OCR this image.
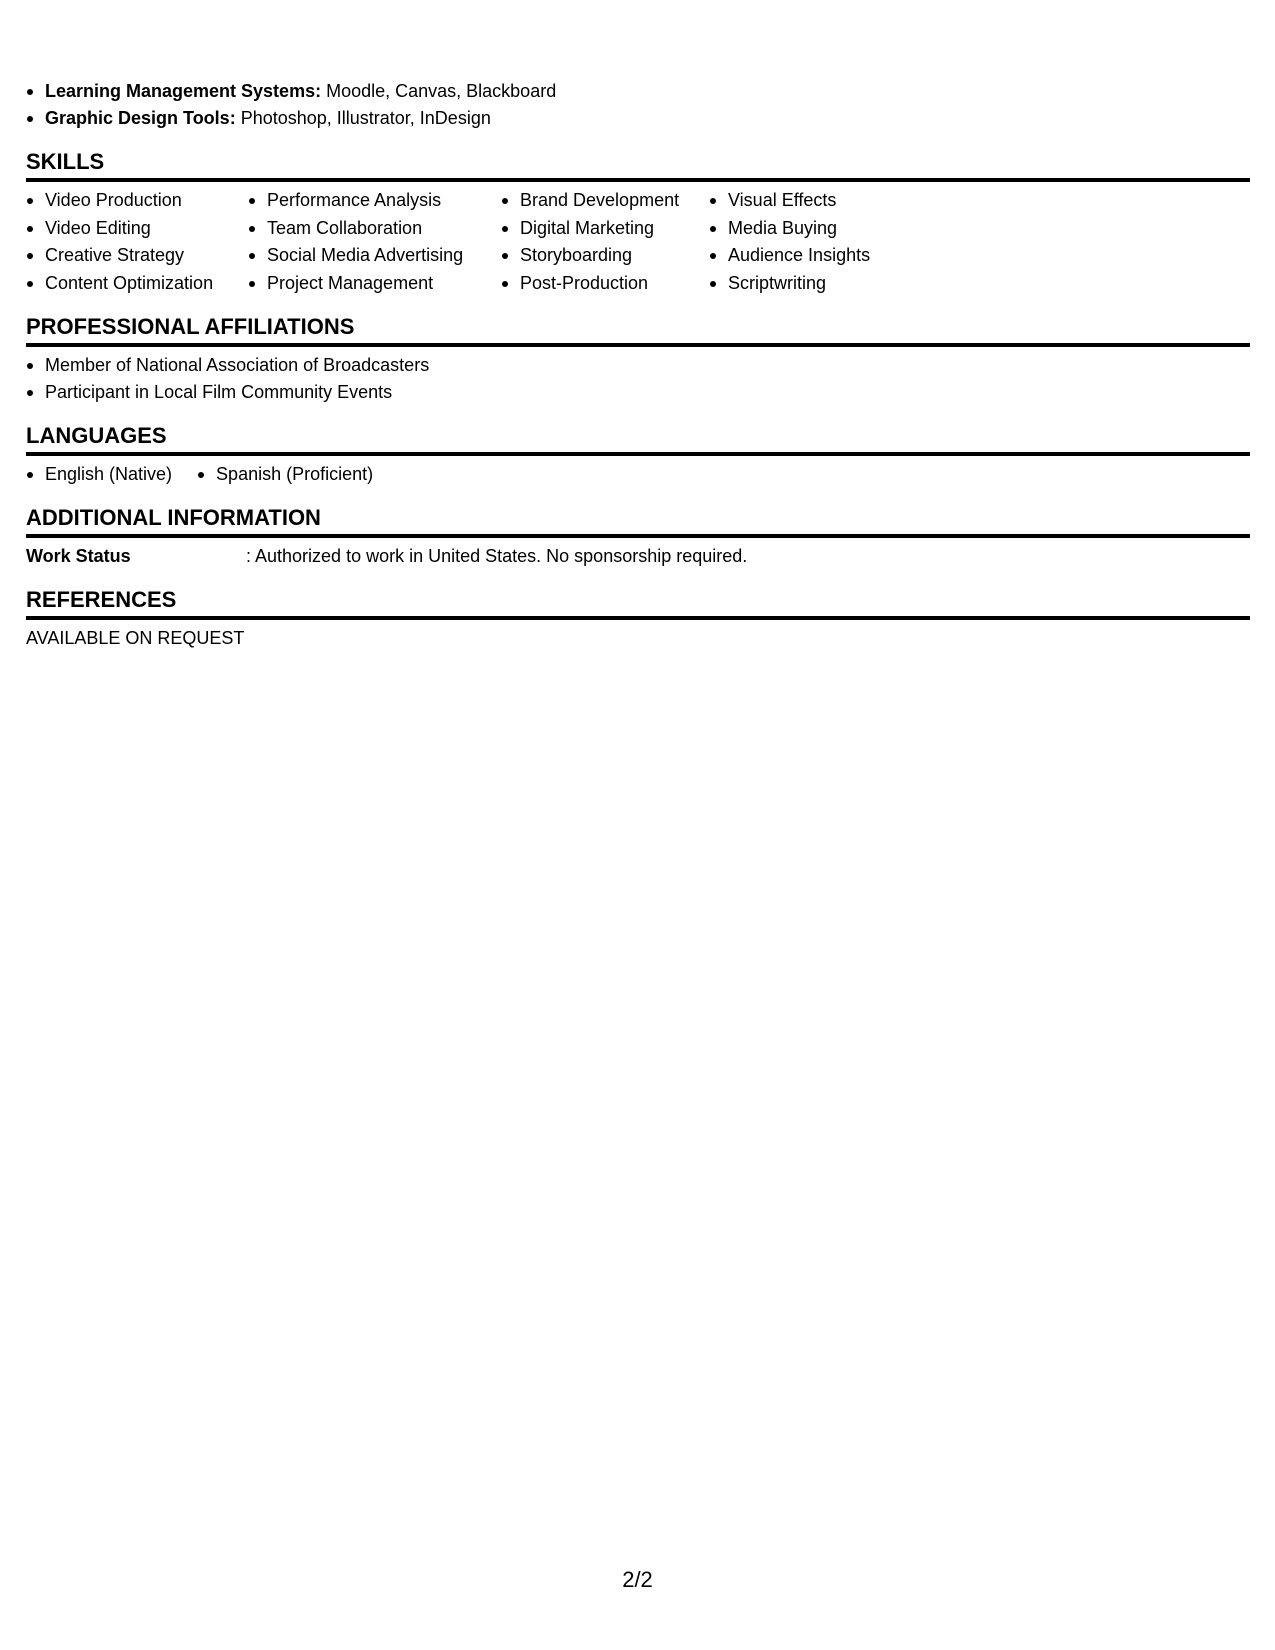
Learning Management Systems: Moodle, Canvas, Blackboard
Graphic Design Tools: Photoshop, Illustrator, InDesign
SKILLS
Video Production
Video Editing
Creative Strategy
Content Optimization
Performance Analysis
Team Collaboration
Social Media Advertising
Project Management
Brand Development
Digital Marketing
Storyboarding
Post-Production
Visual Effects
Media Buying
Audience Insights
Scriptwriting
PROFESSIONAL AFFILIATIONS
Member of National Association of Broadcasters
Participant in Local Film Community Events
LANGUAGES
English (Native)	Spanish (Proficient)
ADDITIONAL INFORMATION
Work Status	: Authorized to work in United States. No sponsorship required.
REFERENCES
AVAILABLE ON REQUEST
2/2
